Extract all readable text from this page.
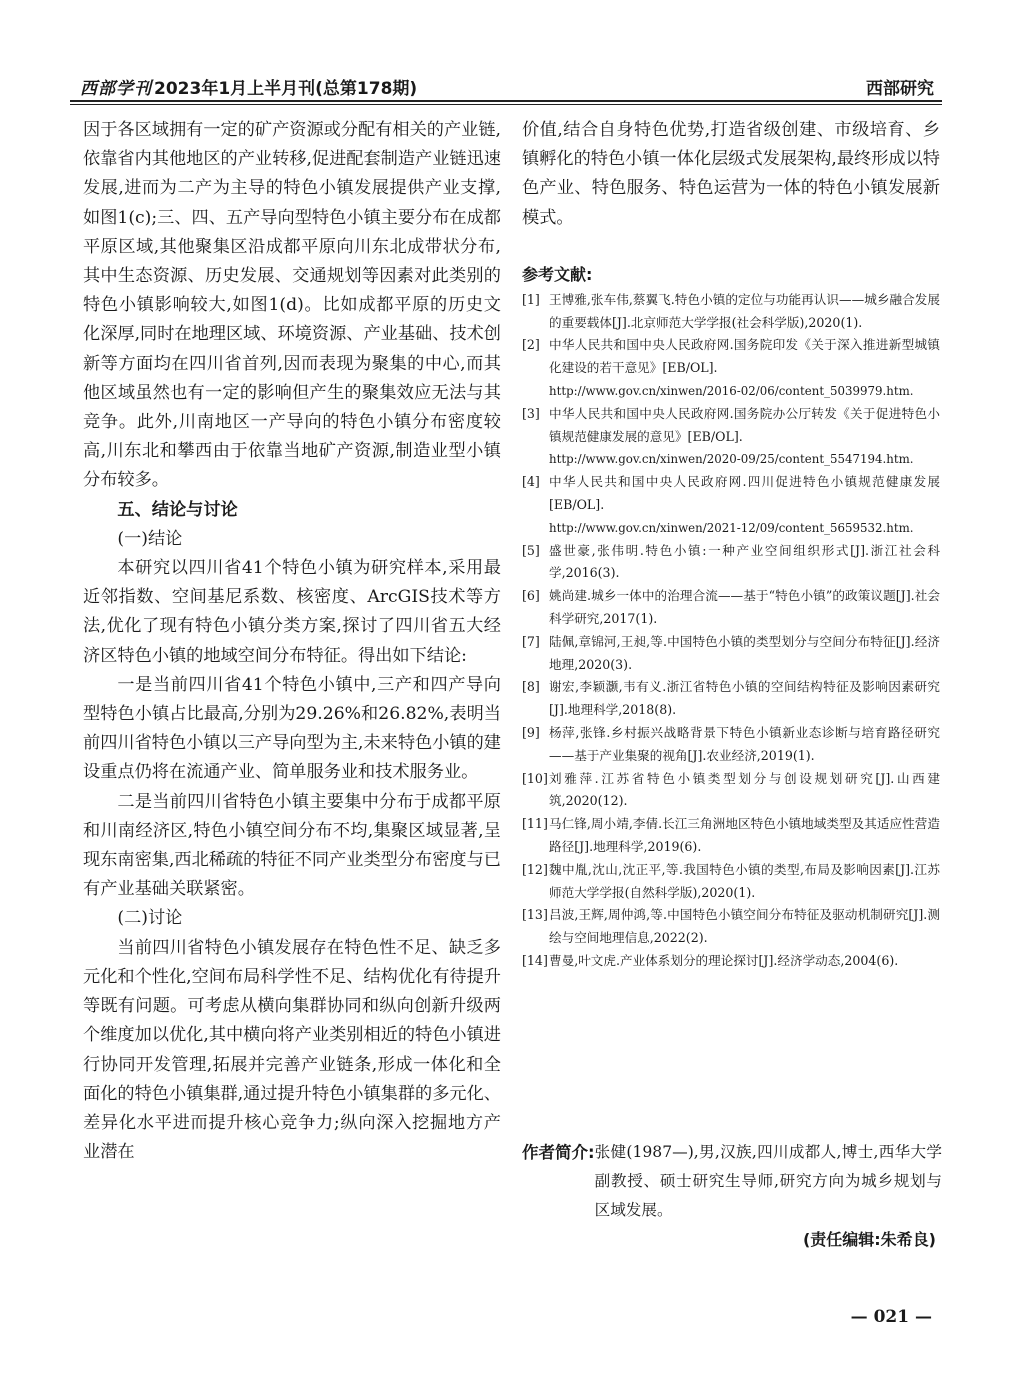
西部学刊 2023年1月上半月刊(总第178期)	西部研究

因于各区域拥有一定的矿产资源或分配有相关的产业链,依靠省内其他地区的产业转移,促进配套制造产业链迅速发展,进而为二产为主导的特色小镇发展提供产业支撑,如图1(c);三、四、五产导向型特色小镇主要分布在成都平原区域,其他聚集区沿成都平原向川东北成带状分布,其中生态资源、历史发展、交通规划等因素对此类别的特色小镇影响较大,如图1(d)。比如成都平原的历史文化深厚,同时在地理区域、环境资源、产业基础、技术创新等方面均在四川省首列,因而表现为聚集的中心,而其他区域虽然也有一定的影响但产生的聚集效应无法与其竞争。此外,川南地区一产导向的特色小镇分布密度较高,川东北和攀西由于依靠当地矿产资源,制造业型小镇分布较多。

五、结论与讨论

(一)结论

本研究以四川省41个特色小镇为研究样本,采用最近邻指数、空间基尼系数、核密度、ArcGIS技术等方法,优化了现有特色小镇分类方案,探讨了四川省五大经济区特色小镇的地域空间分布特征。得出如下结论:

一是当前四川省41个特色小镇中,三产和四产导向型特色小镇占比最高,分别为29.26%和26.82%,表明当前四川省特色小镇以三产导向型为主,未来特色小镇的建设重点仍将在流通产业、简单服务业和技术服务业。

二是当前四川省特色小镇主要集中分布于成都平原和川南经济区,特色小镇空间分布不均,集聚区域显著,呈现东南密集,西北稀疏的特征不同产业类型分布密度与已有产业基础关联紧密。

(二)讨论

当前四川省特色小镇发展存在特色性不足、缺乏多元化和个性化,空间布局科学性不足、结构优化有待提升等既有问题。可考虑从横向集群协同和纵向创新升级两个维度加以优化,其中横向将产业类别相近的特色小镇进行协同开发管理,拓展并完善产业链条,形成一体化和全面化的特色小镇集群,通过提升特色小镇集群的多元化、差异化水平进而提升核心竞争力;纵向深入挖掘地方产业潜在

价值,结合自身特色优势,打造省级创建、市级培育、乡镇孵化的特色小镇一体化层级式发展架构,最终形成以特色产业、特色服务、特色运营为一体的特色小镇发展新模式。

参考文献:

[1] 王博雅,张车伟,蔡翼飞.特色小镇的定位与功能再认识——城乡融合发展的重要载体[J].北京师范大学学报(社会科学版),2020(1).
[2] 中华人民共和国中央人民政府网.国务院印发《关于深入推进新型城镇化建设的若干意见》[EB/OL].
http://www.gov.cn/xinwen/2016-02/06/content_5039979.htm.
[3] 中华人民共和国中央人民政府网.国务院办公厅转发《关于促进特色小镇规范健康发展的意见》[EB/OL].
http://www.gov.cn/xinwen/2020-09/25/content_5547194.htm.
[4] 中华人民共和国中央人民政府网.四川促进特色小镇规范健康发展[EB/OL].
http://www.gov.cn/xinwen/2021-12/09/content_5659532.htm.
[5] 盛世豪,张伟明.特色小镇:一种产业空间组织形式[J].浙江社会科学,2016(3).
[6] 姚尚建.城乡一体中的治理合流——基于“特色小镇”的政策议题[J].社会科学研究,2017(1).
[7] 陆佩,章锦河,王昶,等.中国特色小镇的类型划分与空间分布特征[J].经济地理,2020(3).
[8] 谢宏,李颖灏,韦有义.浙江省特色小镇的空间结构特征及影响因素研究[J].地理科学,2018(8).
[9] 杨萍,张锋.乡村振兴战略背景下特色小镇新业态诊断与培育路径研究——基于产业集聚的视角[J].农业经济,2019(1).
[10] 刘雅萍.江苏省特色小镇类型划分与创设规划研究[J].山西建筑,2020(12).
[11] 马仁锋,周小靖,李倩.长江三角洲地区特色小镇地域类型及其适应性营造路径[J].地理科学,2019(6).
[12] 魏中胤,沈山,沈正平,等.我国特色小镇的类型,布局及影响因素[J].江苏师范大学学报(自然科学版),2020(1).
[13] 吕波,王辉,周仲鸿,等.中国特色小镇空间分布特征及驱动机制研究[J].测绘与空间地理信息,2022(2).
[14] 曹曼,叶文虎.产业体系划分的理论探讨[J].经济学动态,2004(6).
作者简介: 张健(1987—),男,汉族,四川成都人,博士,西华大学副教授、硕士研究生导师,研究方向为城乡规划与区域发展。
(责任编辑:朱希良)
— 021 —
